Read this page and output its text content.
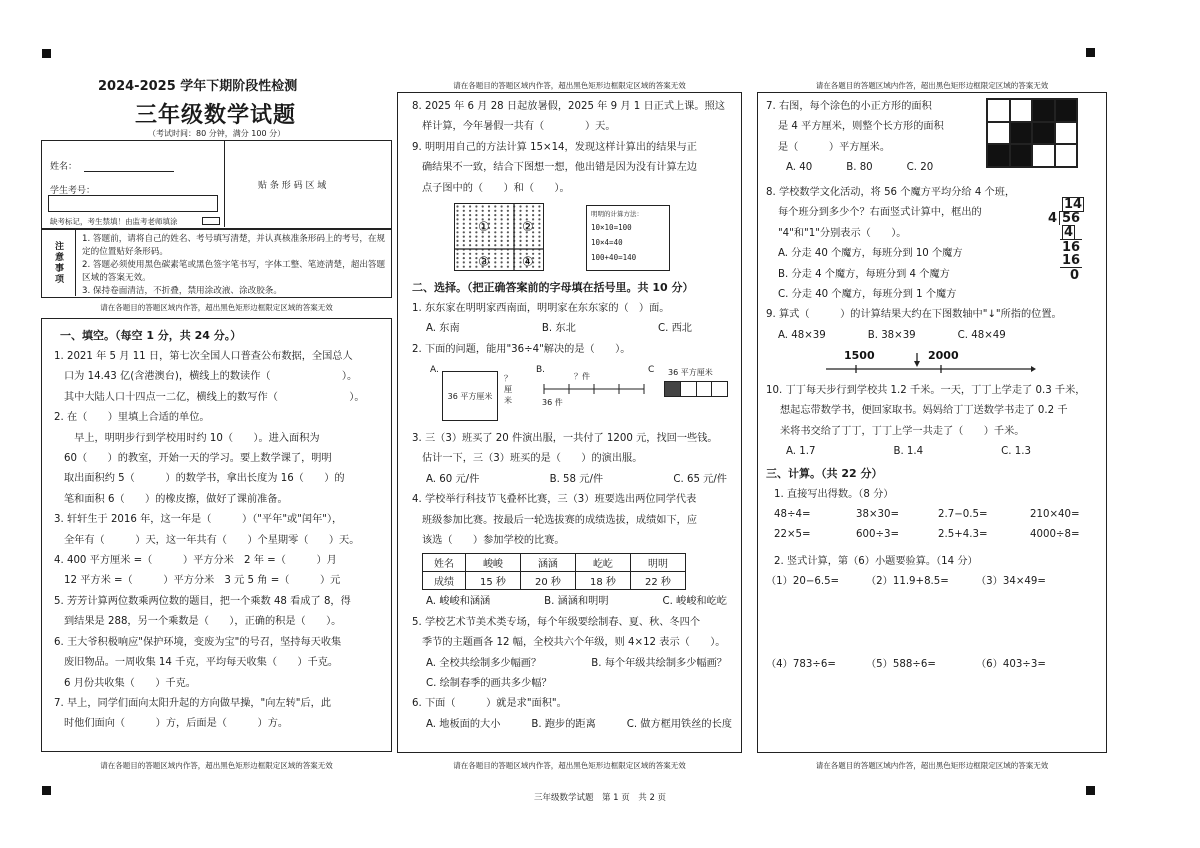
2024-2025 学年下期阶段性检测
三年级数学试题
（考试时间：80 分钟，满分 100 分）
姓名：
学生考号：
缺考标记，考生禁填！由监考老师填涂
贴 条 形 码 区 域
注意事项
1. 答题前，请将自己的姓名、考号填写清楚，并认真核准条形码上的考号，在规定的位置贴好条形码。
2. 答题必须使用黑色碳素笔或黑色签字笔书写，字体工整、笔迹清楚，超出答题区域的答案无效。
3. 保持卷面清洁，不折叠，禁用涂改液、涂改胶条。
请在各题目的答题区域内作答，超出黑色矩形边框限定区域的答案无效
一、填空。（每空 1 分，共 24 分。）
1. 2021 年 5 月 11 日，第七次全国人口普查公布数据，全国总人
口为 14.43 亿(含港澳台)，横线上的数读作（　　　　　　　）。
其中大陆人口十四点一二亿，横线上的数写作（　　　　　　　）。
2. 在（　　）里填上合适的单位。
　早上，明明步行到学校用时约 10（　　）。进入面积为
60（　　）的教室，开始一天的学习。要上数学课了，明明
取出面积约 5（　　　）的数学书，拿出长度为 16（　　）的
笔和面积 6（　　）的橡皮擦，做好了课前准备。
3. 轩轩生于 2016 年，这一年是（　　　）（"平年"或"闰年"），
全年有（　　　）天，这一年共有（　　）个星期零（　　）天。
4. 400 平方厘米 =（　　　）平方分米　2 年 =（　　　）月
12 平方米 =（　　　）平方分米　3 元 5 角 =（　　　）元
5. 芳芳计算两位数乘两位数的题目，把一个乘数 48 看成了 8，得
到结果是 288，另一个乘数是（　　），正确的积是（　　）。
6. 王大爷积极响应"保护环境，变废为宝"的号召，坚持每天收集
废旧物品。一周收集 14 千克，平均每天收集（　　）千克。
6 月份共收集（　　）千克。
7. 早上，同学们面向太阳升起的方向做早操，"向左转"后，此
时他们面向（　　　）方，后面是（　　　）方。
请在各题目的答题区域内作答，超出黑色矩形边框限定区域的答案无效
请在各题目的答题区域内作答，超出黑色矩形边框限定区域的答案无效
8. 2025 年 6 月 28 日起放暑假，2025 年 9 月 1 日正式上课。照这
样计算，今年暑假一共有（　　　　）天。
9. 明明用自己的方法计算 15×14，发现这样计算出的结果与正
确结果不一致，结合下图想一想，他出错是因为没有计算左边
点子图中的（　　）和（　　）。
① ②
③ ④
明明的计算方法：
10×10=100
10×4=40
100+40=140
二、选择。（把正确答案前的字母填在括号里。共 10 分）
1. 东东家在明明家西南面，明明家在东东家的（　）面。
A. 东南	B. 东北	C. 西北
2. 下面的问题，能用"36÷4"解决的是（　　）。
A.
36 平方厘米
？
厘
米
B.
？件
36 件
C 36 平方厘米
3. 三（3）班买了 20 件演出服，一共付了 1200 元，找回一些钱。
估计一下，三（3）班买的是（　　）的演出服。
A. 60 元/件	B. 58 元/件	C. 65 元/件
4. 学校举行科技节飞叠杯比赛，三（3）班要选出两位同学代表
班级参加比赛。按最后一轮选拔赛的成绩选拔，成绩如下，应
该选（　　）参加学校的比赛。
姓名	峻峻	涵涵	屹屹	明明
成绩	15 秒	20 秒	18 秒	22 秒
A. 峻峻和涵涵	B. 涵涵和明明	C. 峻峻和屹屹
5. 学校艺术节美术类专场，每个年级要绘制春、夏、秋、冬四个
季节的主题画各 12 幅，全校共六个年级，则 4×12 表示（　　）。
A. 全校共绘制多少幅画？	B. 每个年级共绘制多少幅画？
C. 绘制春季的画共多少幅？
6. 下面（　　　）就是求"面积"。
A. 地板面的大小	B. 跑步的距离	C. 做方框用铁丝的长度
请在各题目的答题区域内作答，超出黑色矩形边框限定区域的答案无效
请在各题目的答题区域内作答，超出黑色矩形边框限定区域的答案无效
7. 右图，每个涂色的小正方形的面积
是 4 平方厘米，则整个长方形的面积
是（　　　）平方厘米。
A. 40	B. 80	C. 20
8. 学校数学文化活动，将 56 个魔方平均分给 4 个班，
每个班分到多少个？右面竖式计算中，框出的
"4"和"1"分别表示（　　）。
A. 分走 40 个魔方，每班分到 10 个魔方
B. 分走 4 个魔方，每班分到 4 个魔方
C. 分走 40 个魔方，每班分到 1 个魔方
9. 算式（　　　）的计算结果大约在下图数轴中"↓"所指的位置。
A. 48×39	B. 38×39	C. 48×49
14
4 56
4
16
16
0
1500	2000
10. 丁丁每天步行到学校共 1.2 千米。一天，丁丁上学走了 0.3 千米，
想起忘带数学书，便回家取书。妈妈给丁丁送数学书走了 0.2 千
米将书交给了丁丁，丁丁上学一共走了（　　）千米。
A. 1.7	B. 1.4	C. 1.3
三、计算。（共 22 分）
1. 直接写出得数。（8 分）
48÷4=	38×30=	2.7−0.5=	210×40=
22×5=	600÷3=	2.5+4.3=	4000÷8=
2. 竖式计算，第（6）小题要验算。（14 分）
（1）20−6.5=	（2）11.9+8.5=	（3）34×49=
（4）783÷6=	（5）588÷6=	（6）403÷3=
请在各题目的答题区域内作答，超出黑色矩形边框限定区域的答案无效
三年级数学试题　第 1 页　共 2 页
